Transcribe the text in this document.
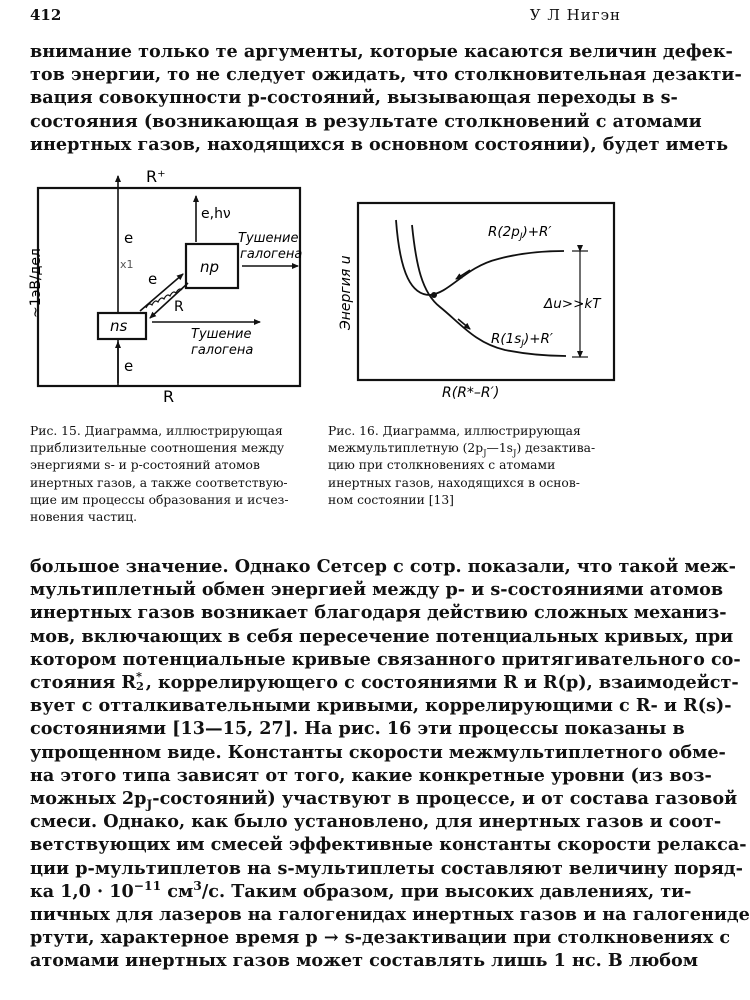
412	У Л Нигэн
внимание только те аргументы, которые касаются величин дефек-
тов энергии, то не следует ожидать, что столкновительная дезакти-
вация совокупности p-состояний, вызывающая переходы в s-
состояния (возникающая в результате столкновений с атомами
инертных газов, находящихся в основном состоянии), будет иметь
R⁺
R
~1эВ/дел
e
x1
ns
e
np
e,hν
e
R
Тушение
галогена
Тушение
галогена
Энергия u
R(R*–R′)
$R(2p_J)+R'$
$R(1s_J)+R'$
Δu>>kT
Рис. 15. Диаграмма, иллюстрирующая
приблизительные соотношения между
энергиями s- и p-состояний атомов
инертных газов, а также соответствую-
щие им процессы образования и исчез-
новения частиц.
Рис. 16. Диаграмма, иллюстрирующая
межмультиплетную $(2p_J—1s_J)$ дезактива-
цию при столкновениях с атомами
инертных газов, находящихся в основ-
ном состоянии [13]
большое значение. Однако Сетсер с сотр. показали, что такой меж-
мультиплетный обмен энергией между p- и s-состояниями атомов
инертных газов возникает благодаря действию сложных механиз-
мов, включающих в себя пересечение потенциальных кривых, при
котором потенциальные кривые связанного притягивательного со-
стояния R *
2 , коррелирующего с состояниями R и R(p), взаимодейст-
вует с отталкивательными кривыми, коррелирующими с R- и R(s)-
состояниями [13—15, 27]. На рис. 16 эти процессы показаны в
упрощенном виде. Константы скорости межмультиплетного обме-
на этого типа зависят от того, какие конкретные уровни (из воз-
можных $2p_J-состояний$) участвуют в процессе, и от состава газовой
смеси. Однако, как было установлено, для инертных газов и соот-
ветствующих им смесей эффективные константы скорости релакса-
ции p-мультиплетов на s-мультиплеты составляют величину поряд-
ка $1,0 \cdot 10^{-11}$ $см^3/с$. Таким образом, при высоких давлениях, ти-
пичных для лазеров на галогенидах инертных газов и на галогениде
ртути, характерное время p → s-дезактивации при столкновениях с
атомами инертных газов может составлять лишь 1 нс. В любом
